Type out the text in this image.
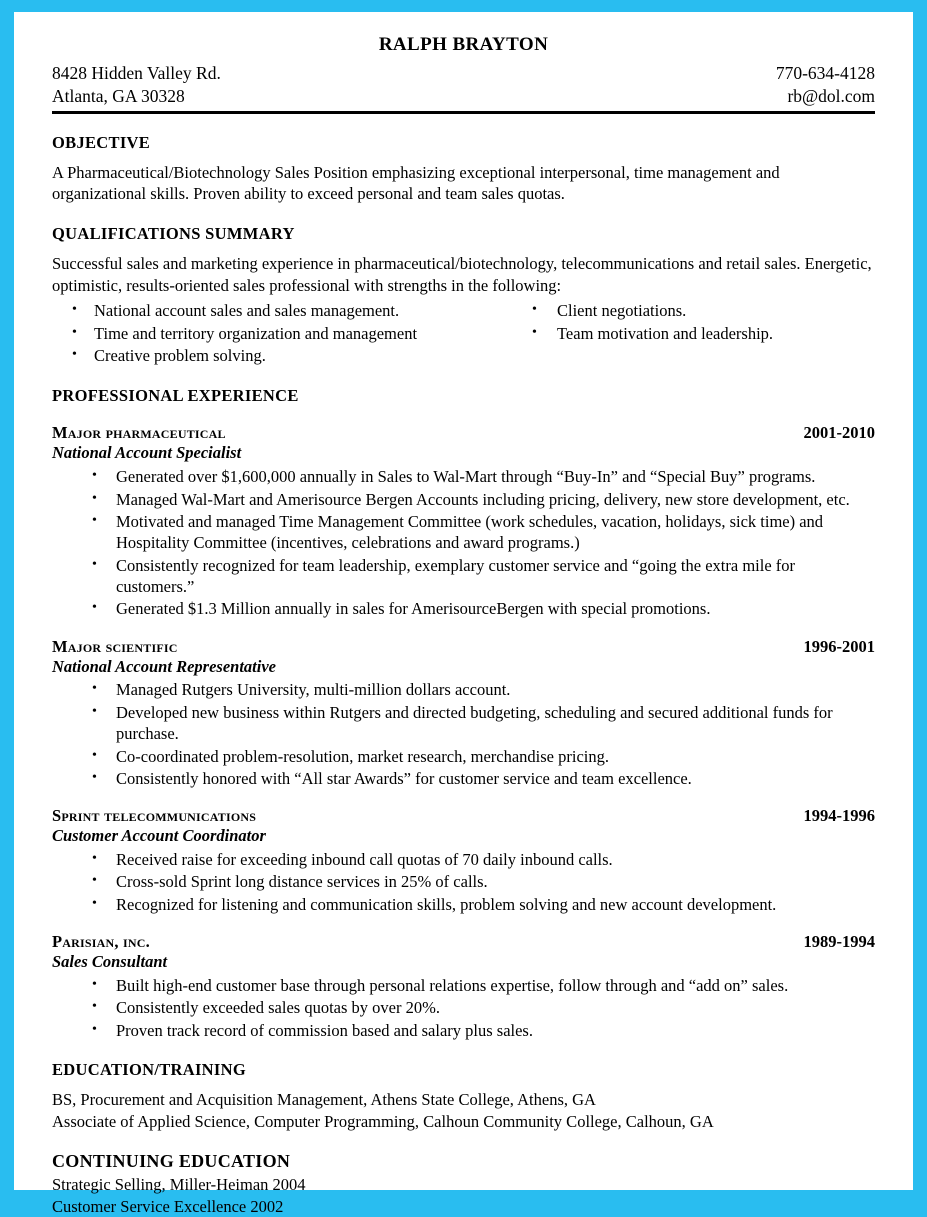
RALPH BRAYTON
8428 Hidden Valley Rd.
Atlanta, GA 30328
770-634-4128
rb@dol.com
OBJECTIVE

A Pharmaceutical/Biotechnology Sales Position emphasizing exceptional interpersonal, time management and organizational skills. Proven ability to exceed personal and team sales quotas.

QUALIFICATIONS SUMMARY

Successful sales and marketing experience in pharmaceutical/biotechnology, telecommunications and retail sales. Energetic, optimistic, results-oriented sales professional with strengths in the following:

• National account sales and sales management.
• Time and territory organization and management
• Creative problem solving.
• Client negotiations.
• Team motivation and leadership.
PROFESSIONAL EXPERIENCE
Major pharmaceutical	2001-2010
National Account Specialist
• Generated over $1,600,000 annually in Sales to Wal-Mart through “Buy-In” and “Special Buy” programs.
• Managed Wal-Mart and Amerisource Bergen Accounts including pricing, delivery, new store development, etc.
• Motivated and managed Time Management Committee (work schedules, vacation, holidays, sick time) and Hospitality Committee (incentives, celebrations and award programs.)
• Consistently recognized for team leadership, exemplary customer service and “going the extra mile for customers.”
• Generated $1.3 Million annually in sales for AmerisourceBergen with special promotions.
Major scientific	1996-2001
National Account Representative
• Managed Rutgers University, multi-million dollars account.
• Developed new business within Rutgers and directed budgeting, scheduling and secured additional funds for purchase.
• Co-coordinated problem-resolution, market research, merchandise pricing.
• Consistently honored with “All star Awards” for customer service and team excellence.
Sprint telecommunications	1994-1996
Customer Account Coordinator
• Received raise for exceeding inbound call quotas of 70 daily inbound calls.
• Cross-sold Sprint long distance services in 25% of calls.
• Recognized for listening and communication skills, problem solving and new account development.
Parisian, inc.	1989-1994
Sales Consultant
• Built high-end customer base through personal relations expertise, follow through and “add on” sales.
• Consistently exceeded sales quotas by over 20%.
• Proven track record of commission based and salary plus sales.
EDUCATION/TRAINING
BS, Procurement and Acquisition Management, Athens State College, Athens, GA
Associate of Applied Science, Computer Programming, Calhoun Community College, Calhoun, GA
CONTINUING EDUCATION
Strategic Selling, Miller-Heiman 2004
Customer Service Excellence 2002
